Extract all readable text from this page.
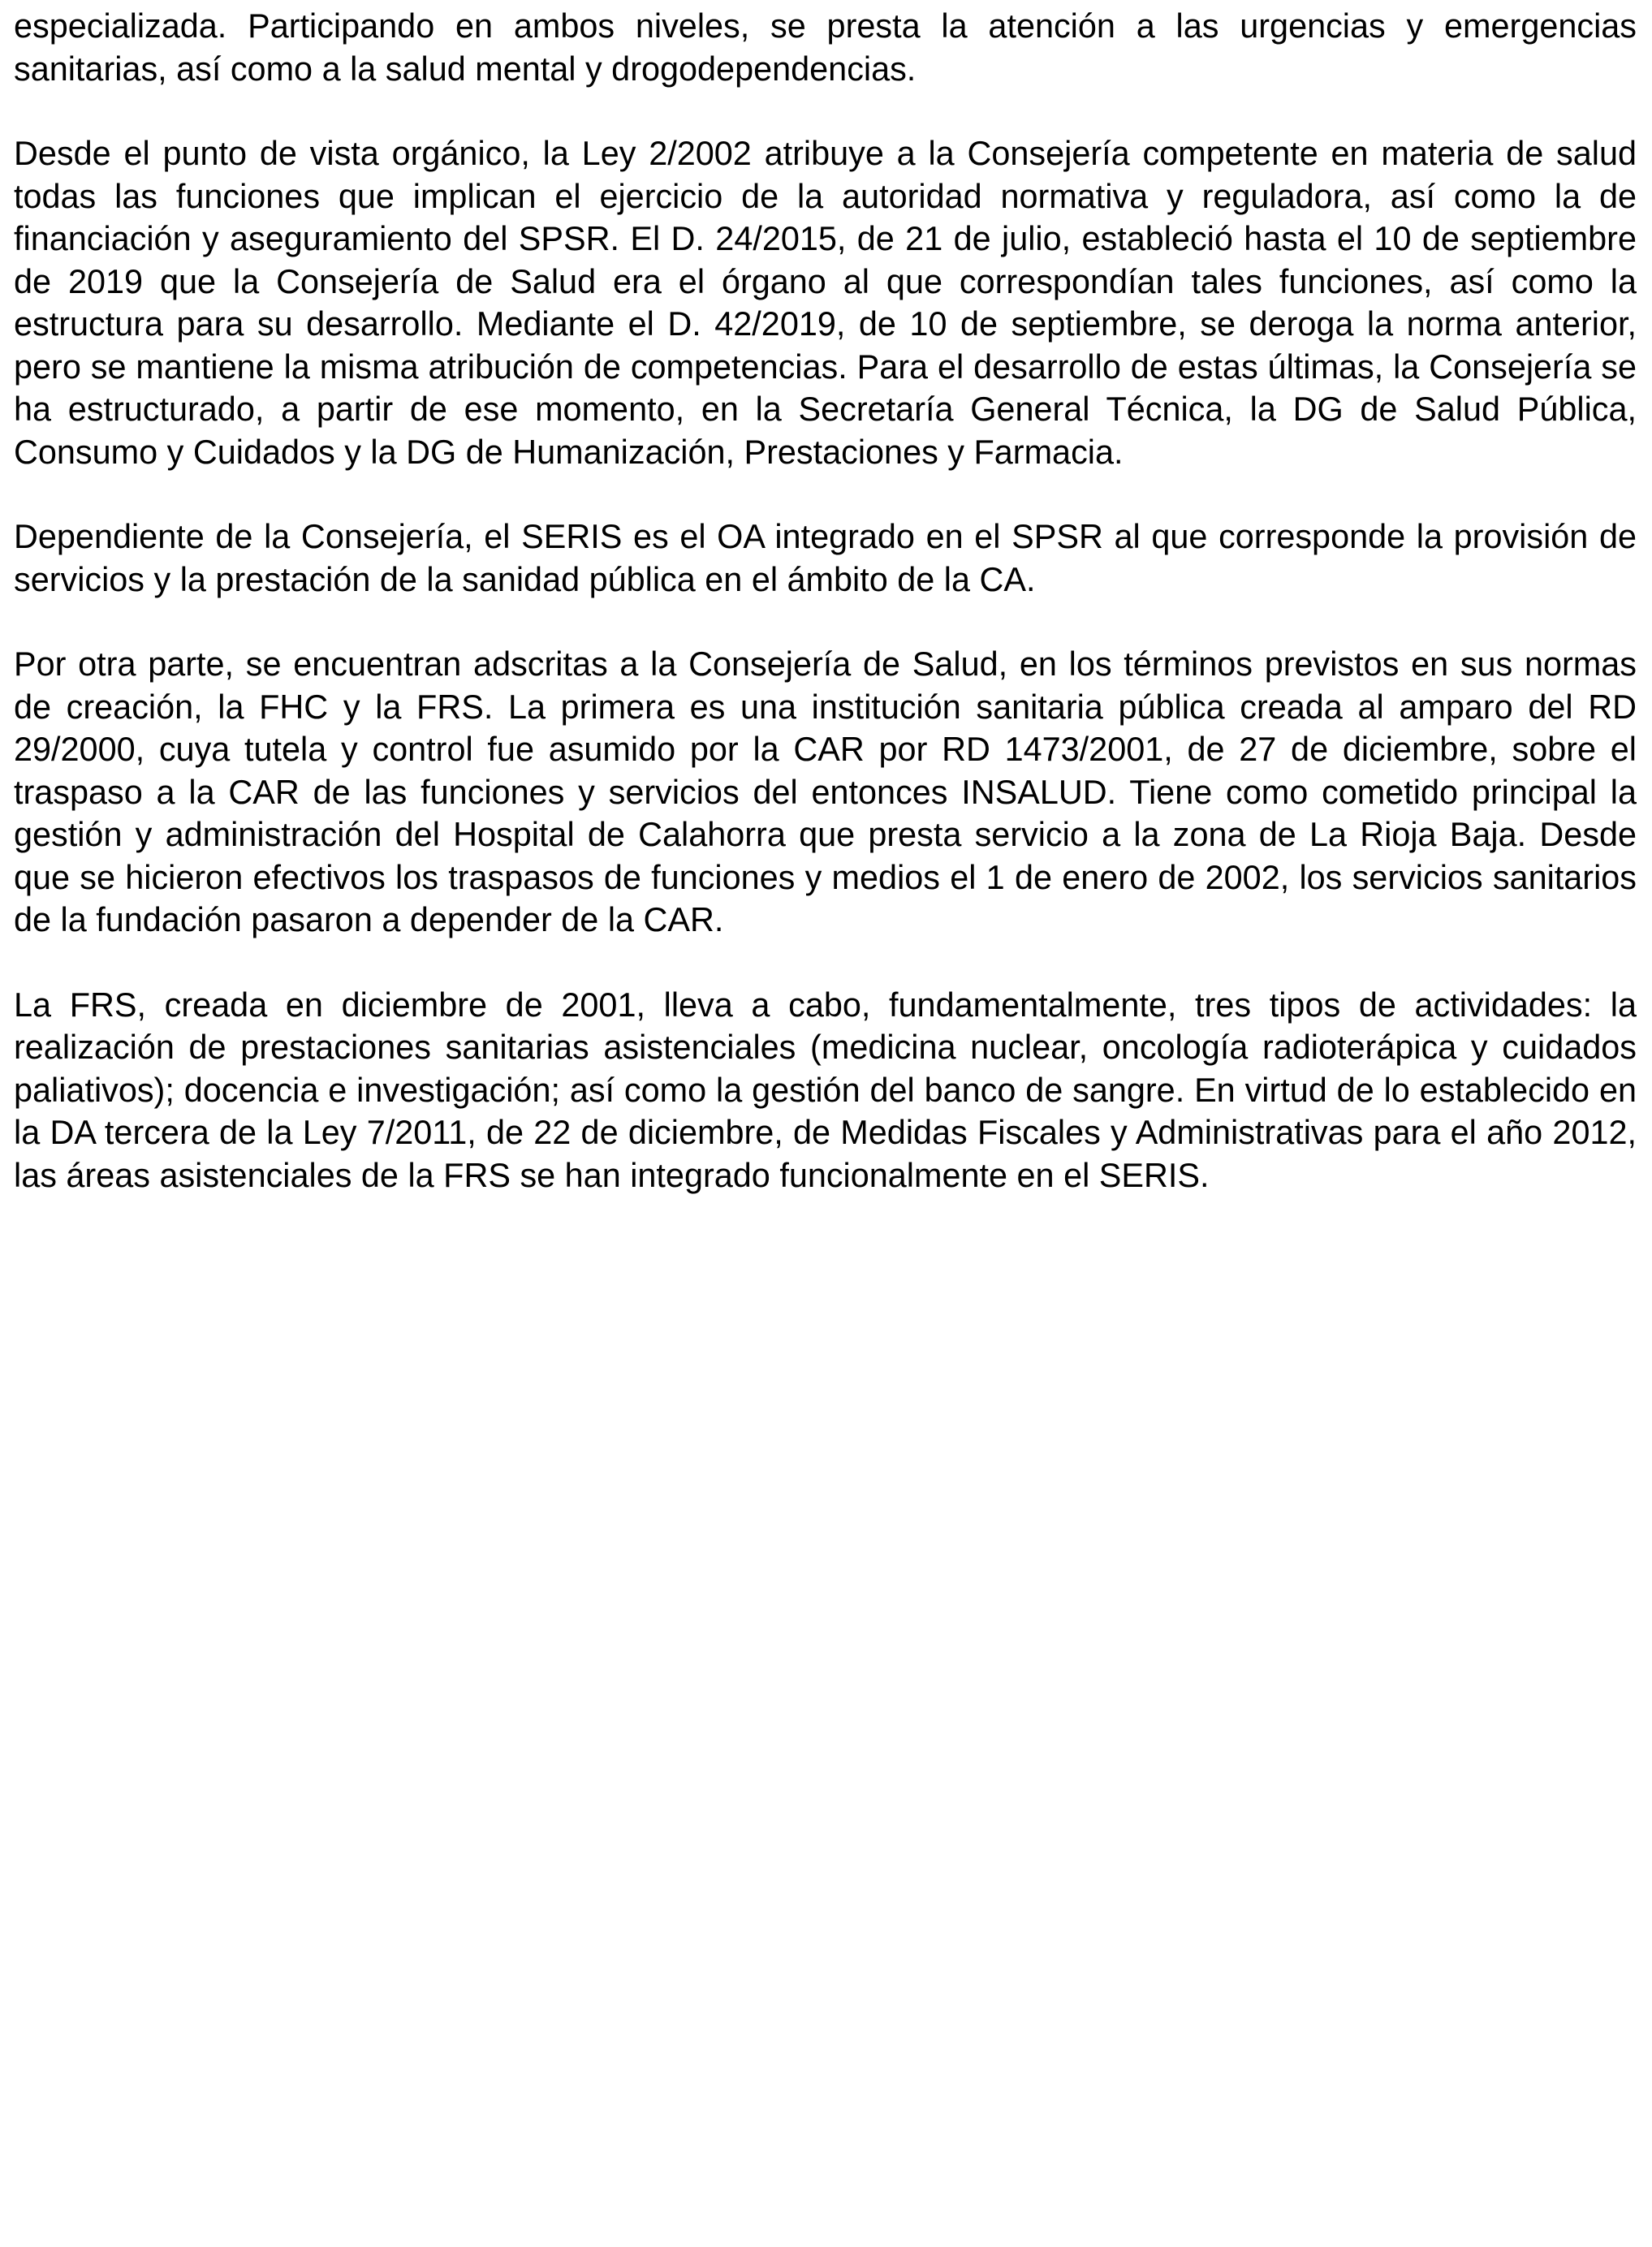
especializada. Participando en ambos niveles, se presta la atención a las urgencias y emergencias sanitarias, así como a la salud mental y drogodependencias.

Desde el punto de vista orgánico, la Ley 2/2002 atribuye a la Consejería competente en materia de salud todas las funciones que implican el ejercicio de la autoridad normativa y reguladora, así como la de financiación y aseguramiento del SPSR. El D. 24/2015, de 21 de julio, estableció hasta el 10 de septiembre de 2019 que la Consejería de Salud era el órgano al que correspondían tales funciones, así como la estructura para su desarrollo. Mediante el D. 42/2019, de 10 de septiembre, se deroga la norma anterior, pero se mantiene la misma atribución de competencias. Para el desarrollo de estas últimas, la Consejería se ha estructurado, a partir de ese momento, en la Secretaría General Técnica, la DG de Salud Pública, Consumo y Cuidados y la DG de Humanización, Prestaciones y Farmacia.

Dependiente de la Consejería, el SERIS es el OA integrado en el SPSR al que corresponde la provisión de servicios y la prestación de la sanidad pública en el ámbito de la CA.

Por otra parte, se encuentran adscritas a la Consejería de Salud, en los términos previstos en sus normas de creación, la FHC y la FRS. La primera es una institución sanitaria pública creada al amparo del RD 29/2000, cuya tutela y control fue asumido por la CAR por RD 1473/2001, de 27 de diciembre, sobre el traspaso a la CAR de las funciones y servicios del entonces INSALUD. Tiene como cometido principal la gestión y administración del Hospital de Calahorra que presta servicio a la zona de La Rioja Baja. Desde que se hicieron efectivos los traspasos de funciones y medios el 1 de enero de 2002, los servicios sanitarios de la fundación pasaron a depender de la CAR.

La FRS, creada en diciembre de 2001, lleva a cabo, fundamentalmente, tres tipos de actividades: la realización de prestaciones sanitarias asistenciales (medicina nuclear, oncología radioterápica y cuidados paliativos); docencia e investigación; así como la gestión del banco de sangre. En virtud de lo establecido en la DA tercera de la Ley 7/2011, de 22 de diciembre, de Medidas Fiscales y Administrativas para el año 2012, las áreas asistenciales de la FRS se han integrado funcionalmente en el SERIS.
